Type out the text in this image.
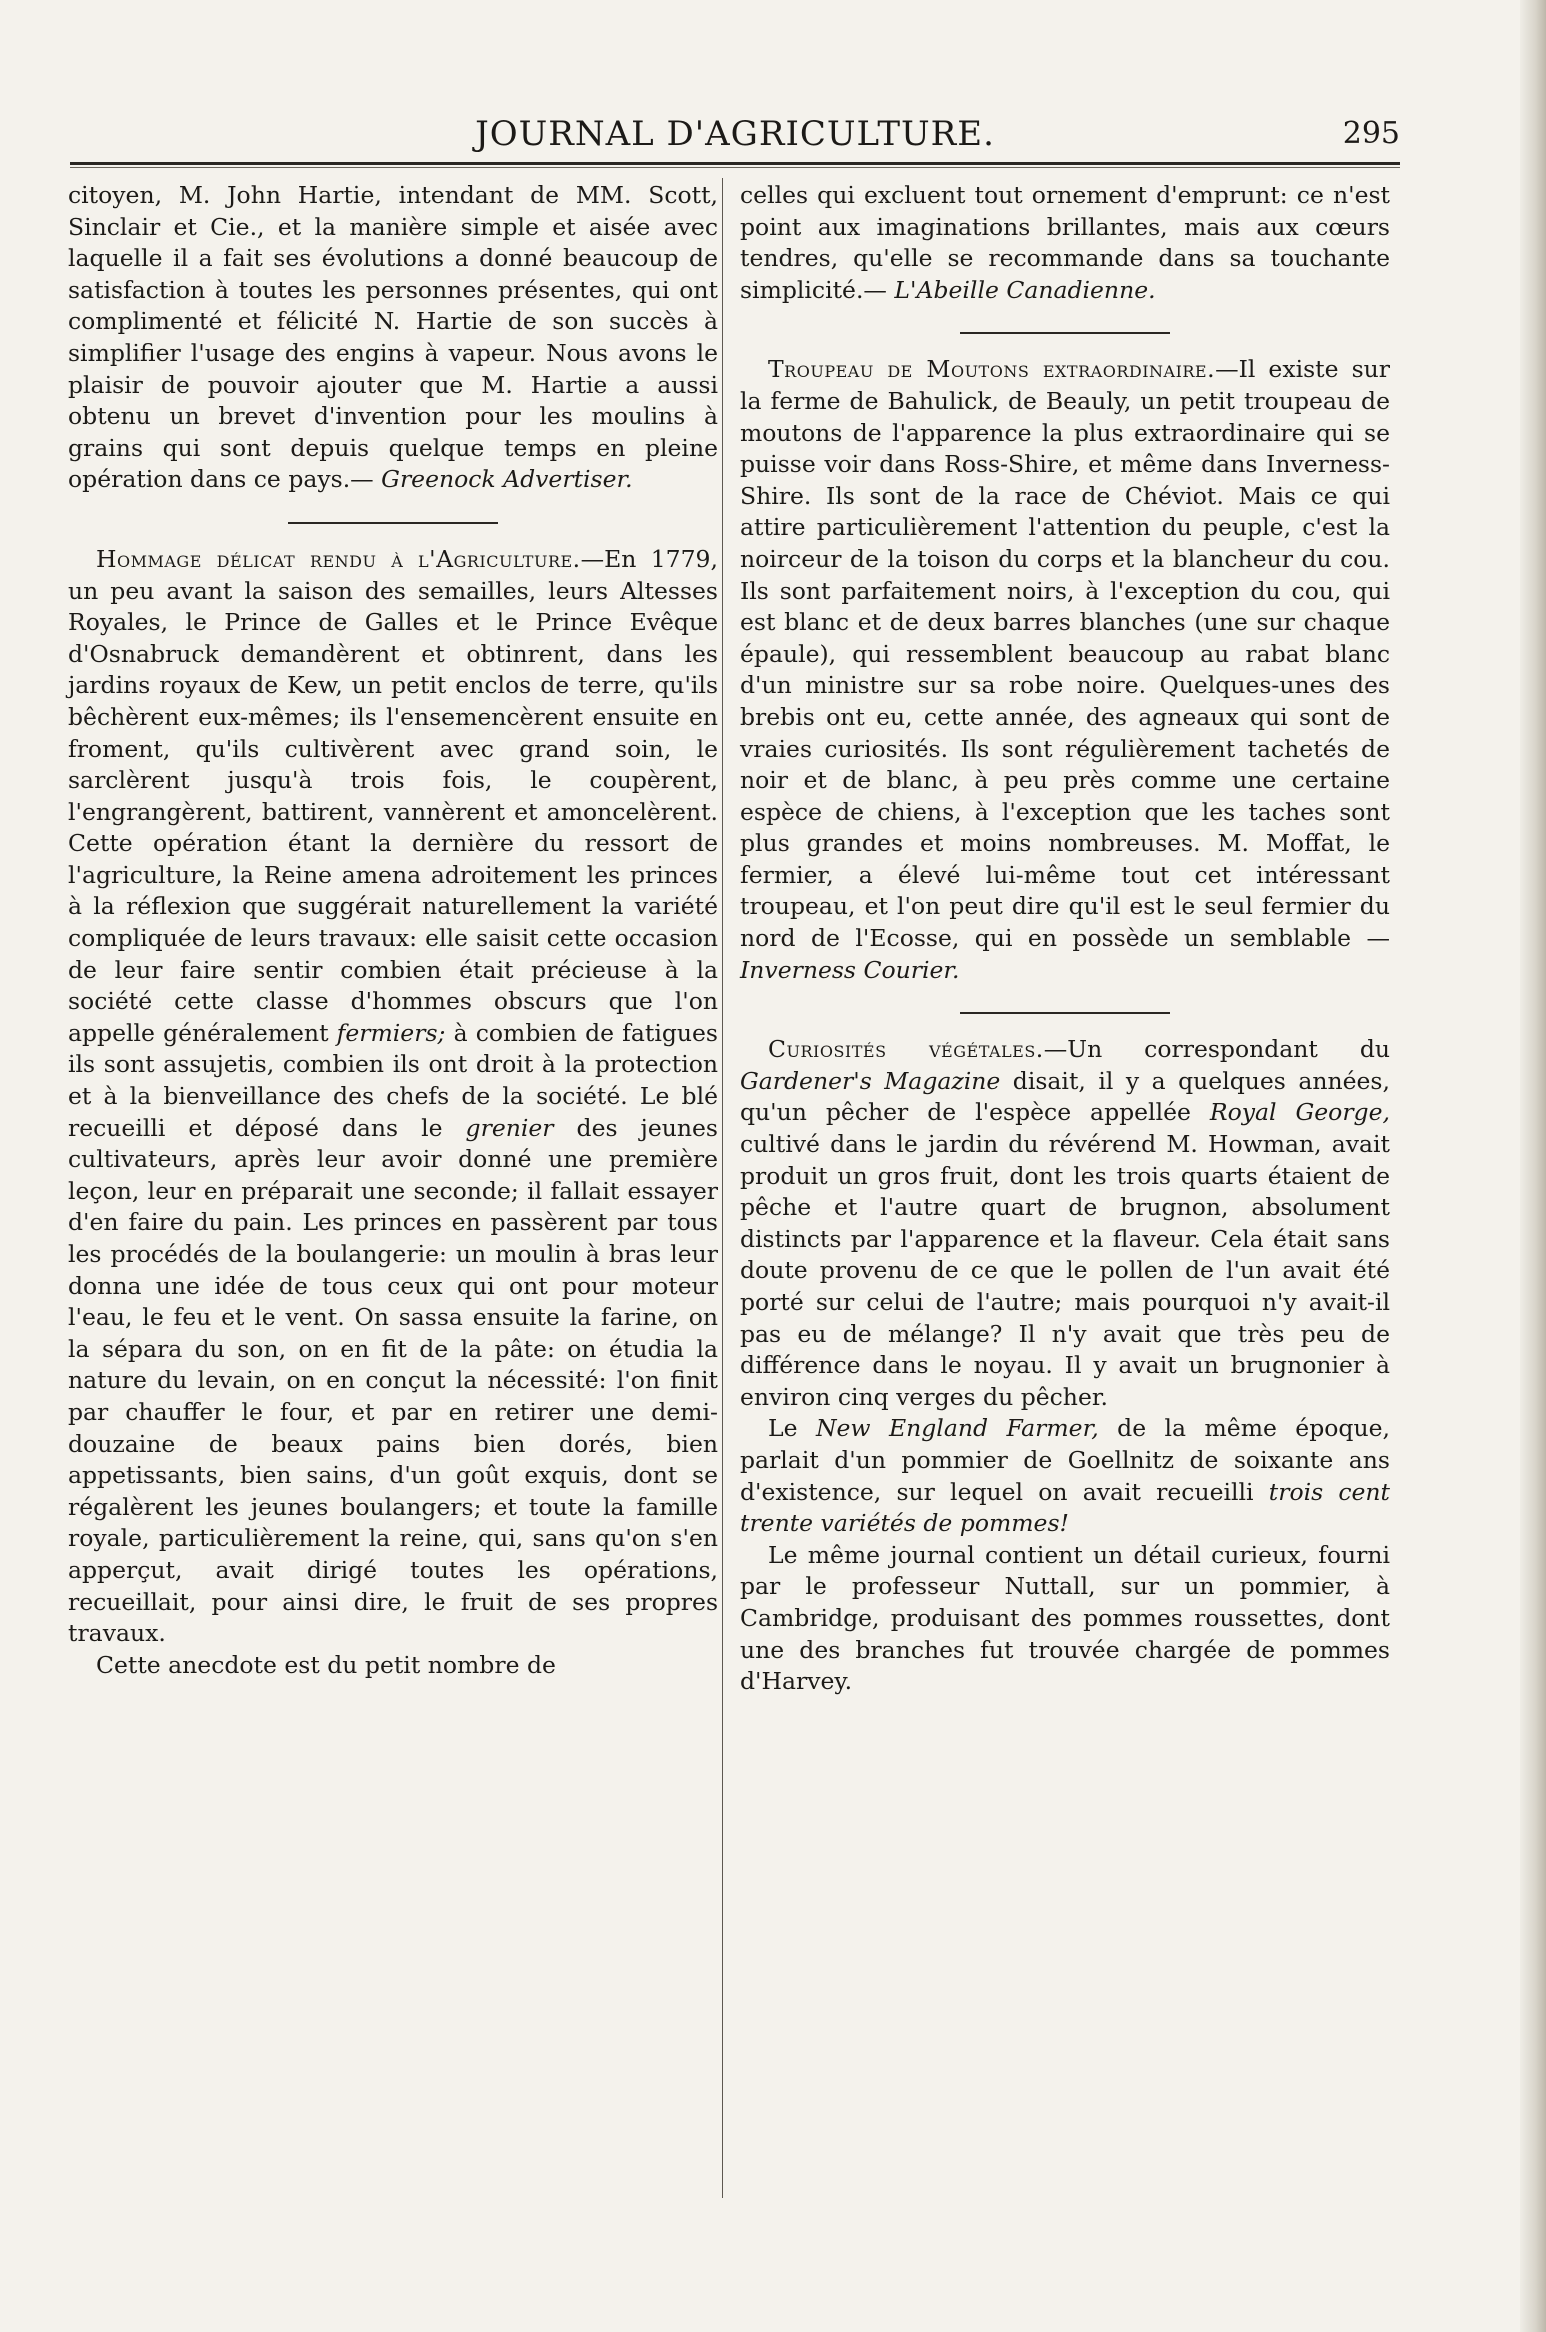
JOURNAL D'AGRICULTURE.	295

citoyen, M. John Hartie, intendant de MM. Scott, Sinclair et Cie., et la manière simple et aisée avec laquelle il a fait ses évolutions a donné beaucoup de satisfaction à toutes les personnes présentes, qui ont complimenté et félicité N. Hartie de son succès à simplifier l'usage des engins à vapeur. Nous avons le plaisir de pouvoir ajouter que M. Hartie a aussi obtenu un brevet d'invention pour les moulins à grains qui sont depuis quelque temps en pleine opération dans ce pays.— Greenock Advertiser.

Hommage délicat rendu à l'Agriculture.—En 1779, un peu avant la saison des semailles, leurs Altesses Royales, le Prince de Galles et le Prince Evêque d'Osnabruck demandèrent et obtinrent, dans les jardins royaux de Kew, un petit enclos de terre, qu'ils bêchèrent eux-mêmes; ils l'ensemencèrent ensuite en froment, qu'ils cultivèrent avec grand soin, le sarclèrent jusqu'à trois fois, le coupèrent, l'engrangèrent, battirent, vannèrent et amoncelèrent. Cette opération étant la dernière du ressort de l'agriculture, la Reine amena adroitement les princes à la réflexion que suggérait naturellement la variété compliquée de leurs travaux: elle saisit cette occasion de leur faire sentir combien était précieuse à la société cette classe d'hommes obscurs que l'on appelle généralement fermiers; à combien de fatigues ils sont assujetis, combien ils ont droit à la protection et à la bienveillance des chefs de la société. Le blé recueilli et déposé dans le grenier des jeunes cultivateurs, après leur avoir donné une première leçon, leur en préparait une seconde; il fallait essayer d'en faire du pain. Les princes en passèrent par tous les procédés de la boulangerie: un moulin à bras leur donna une idée de tous ceux qui ont pour moteur l'eau, le feu et le vent. On sassa ensuite la farine, on la sépara du son, on en fit de la pâte: on étudia la nature du levain, on en conçut la nécessité: l'on finit par chauffer le four, et par en retirer une demi-douzaine de beaux pains bien dorés, bien appetissants, bien sains, d'un goût exquis, dont se régalèrent les jeunes boulangers; et toute la famille royale, particulièrement la reine, qui, sans qu'on s'en apperçut, avait dirigé toutes les opérations, recueillait, pour ainsi dire, le fruit de ses propres travaux.

Cette anecdote est du petit nombre de

celles qui excluent tout ornement d'emprunt: ce n'est point aux imaginations brillantes, mais aux cœurs tendres, qu'elle se recommande dans sa touchante simplicité.— L'Abeille Canadienne.

Troupeau de Moutons extraordinaire.—Il existe sur la ferme de Bahulick, de Beauly, un petit troupeau de moutons de l'apparence la plus extraordinaire qui se puisse voir dans Ross-Shire, et même dans Inverness-Shire. Ils sont de la race de Chéviot. Mais ce qui attire particulièrement l'attention du peuple, c'est la noirceur de la toison du corps et la blancheur du cou. Ils sont parfaitement noirs, à l'exception du cou, qui est blanc et de deux barres blanches (une sur chaque épaule), qui ressemblent beaucoup au rabat blanc d'un ministre sur sa robe noire. Quelques-unes des brebis ont eu, cette année, des agneaux qui sont de vraies curiosités. Ils sont régulièrement tachetés de noir et de blanc, à peu près comme une certaine espèce de chiens, à l'exception que les taches sont plus grandes et moins nombreuses. M. Moffat, le fermier, a élevé lui-même tout cet intéressant troupeau, et l'on peut dire qu'il est le seul fermier du nord de l'Ecosse, qui en possède un semblable —Inverness Courier.

Curiosités végétales.—Un correspondant du Gardener's Magazine disait, il y a quelques années, qu'un pêcher de l'espèce appellée Royal George, cultivé dans le jardin du révérend M. Howman, avait produit un gros fruit, dont les trois quarts étaient de pêche et l'autre quart de brugnon, absolument distincts par l'apparence et la flaveur. Cela était sans doute provenu de ce que le pollen de l'un avait été porté sur celui de l'autre; mais pourquoi n'y avait-il pas eu de mélange? Il n'y avait que très peu de différence dans le noyau. Il y avait un brugnonier à environ cinq verges du pêcher.

Le New England Farmer, de la même époque, parlait d'un pommier de Goellnitz de soixante ans d'existence, sur lequel on avait recueilli trois cent trente variétés de pommes!

Le même journal contient un détail curieux, fourni par le professeur Nuttall, sur un pommier, à Cambridge, produisant des pommes roussettes, dont une des branches fut trouvée chargée de pommes d'Harvey.
